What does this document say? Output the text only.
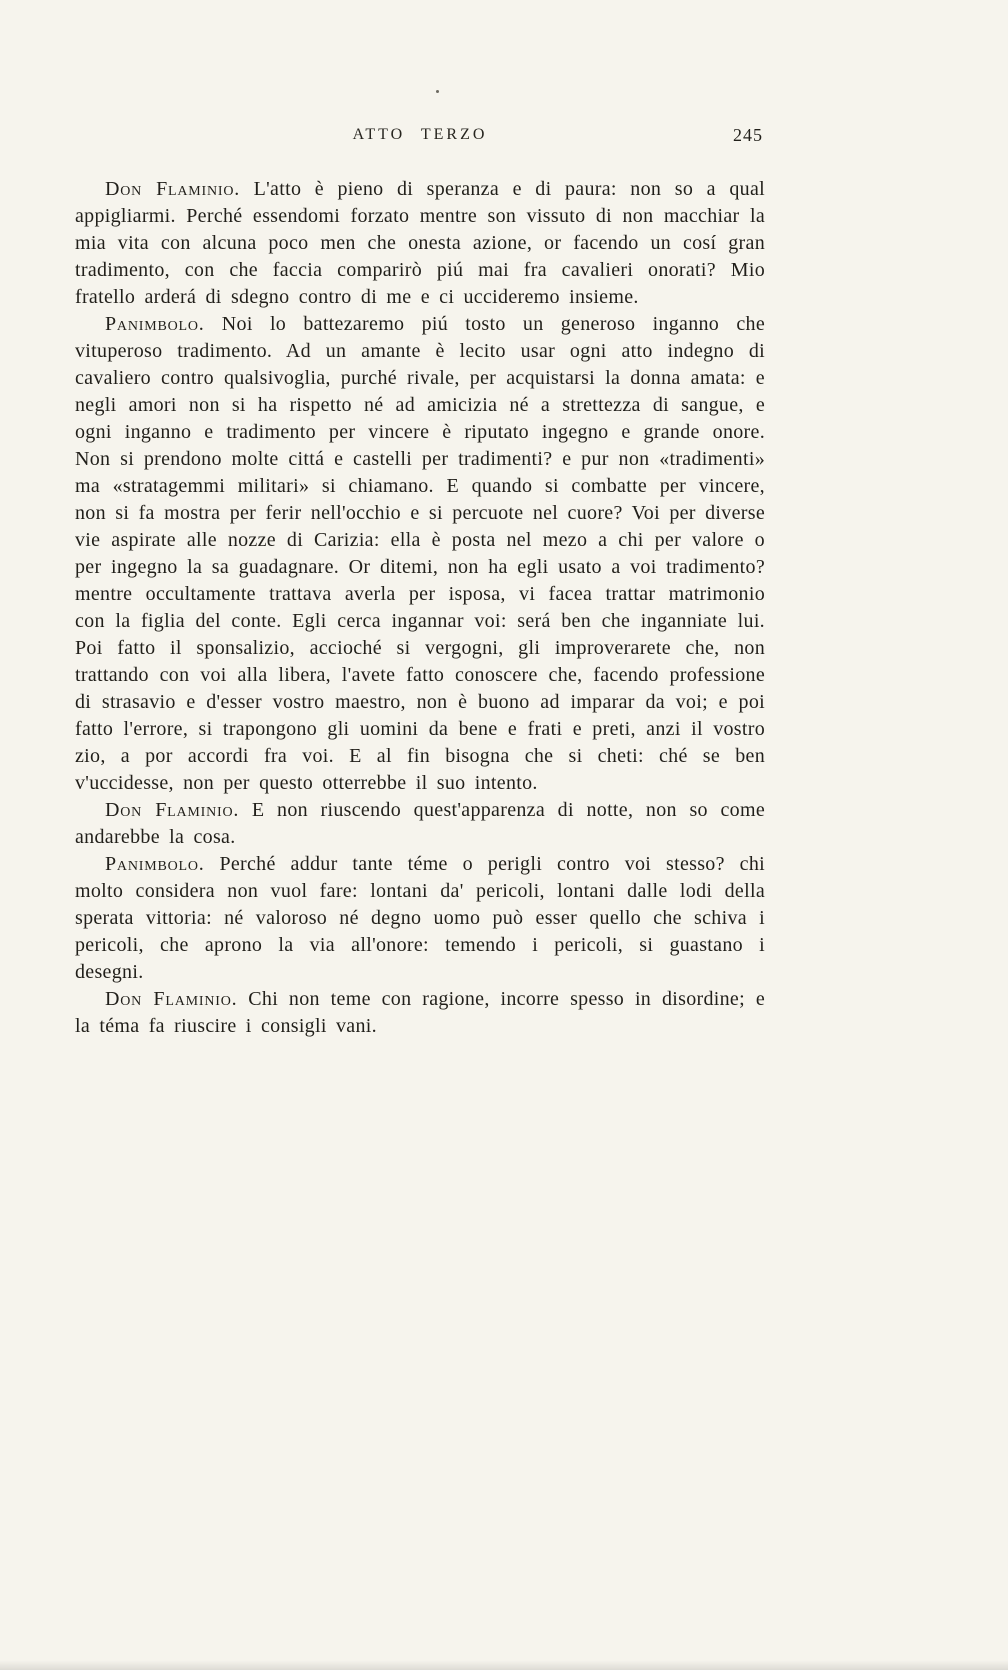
ATTO TERZO	245

Don Flaminio. L'atto è pieno di speranza e di paura: non so a qual appigliarmi. Perché essendomi forzato mentre son vissuto di non macchiar la mia vita con alcuna poco men che onesta azione, or facendo un cosí gran tradimento, con che faccia comparirò piú mai fra cavalieri onorati? Mio fratello arderá di sdegno contro di me e ci uccideremo insieme.

Panimbolo. Noi lo battezaremo piú tosto un generoso inganno che vituperoso tradimento. Ad un amante è lecito usar ogni atto indegno di cavaliero contro qualsivoglia, purché rivale, per acquistarsi la donna amata: e negli amori non si ha rispetto né ad amicizia né a strettezza di sangue, e ogni inganno e tradimento per vincere è riputato ingegno e grande onore. Non si prendono molte cittá e castelli per tradimenti? e pur non «tradimenti» ma «stratagemmi militari» si chiamano. E quando si combatte per vincere, non si fa mostra per ferir nell'occhio e si percuote nel cuore? Voi per diverse vie aspirate alle nozze di Carizia: ella è posta nel mezo a chi per valore o per ingegno la sa guadagnare. Or ditemi, non ha egli usato a voi tradimento? mentre occultamente trattava averla per isposa, vi facea trattar matrimonio con la figlia del conte. Egli cerca ingannar voi: será ben che inganniate lui. Poi fatto il sponsalizio, accioché si vergogni, gli improverarete che, non trattando con voi alla libera, l'avete fatto conoscere che, facendo professione di strasavio e d'esser vostro maestro, non è buono ad imparar da voi; e poi fatto l'errore, si trapongono gli uomini da bene e frati e preti, anzi il vostro zio, a por accordi fra voi. E al fin bisogna che si cheti: ché se ben v'uccidesse, non per questo otterrebbe il suo intento.

Don Flaminio. E non riuscendo quest'apparenza di notte, non so come andarebbe la cosa.

Panimbolo. Perché addur tante téme o perigli contro voi stesso? chi molto considera non vuol fare: lontani da' pericoli, lontani dalle lodi della sperata vittoria: né valoroso né degno uomo può esser quello che schiva i pericoli, che aprono la via all'onore: temendo i pericoli, si guastano i desegni.

Don Flaminio. Chi non teme con ragione, incorre spesso in disordine; e la téma fa riuscire i consigli vani.
